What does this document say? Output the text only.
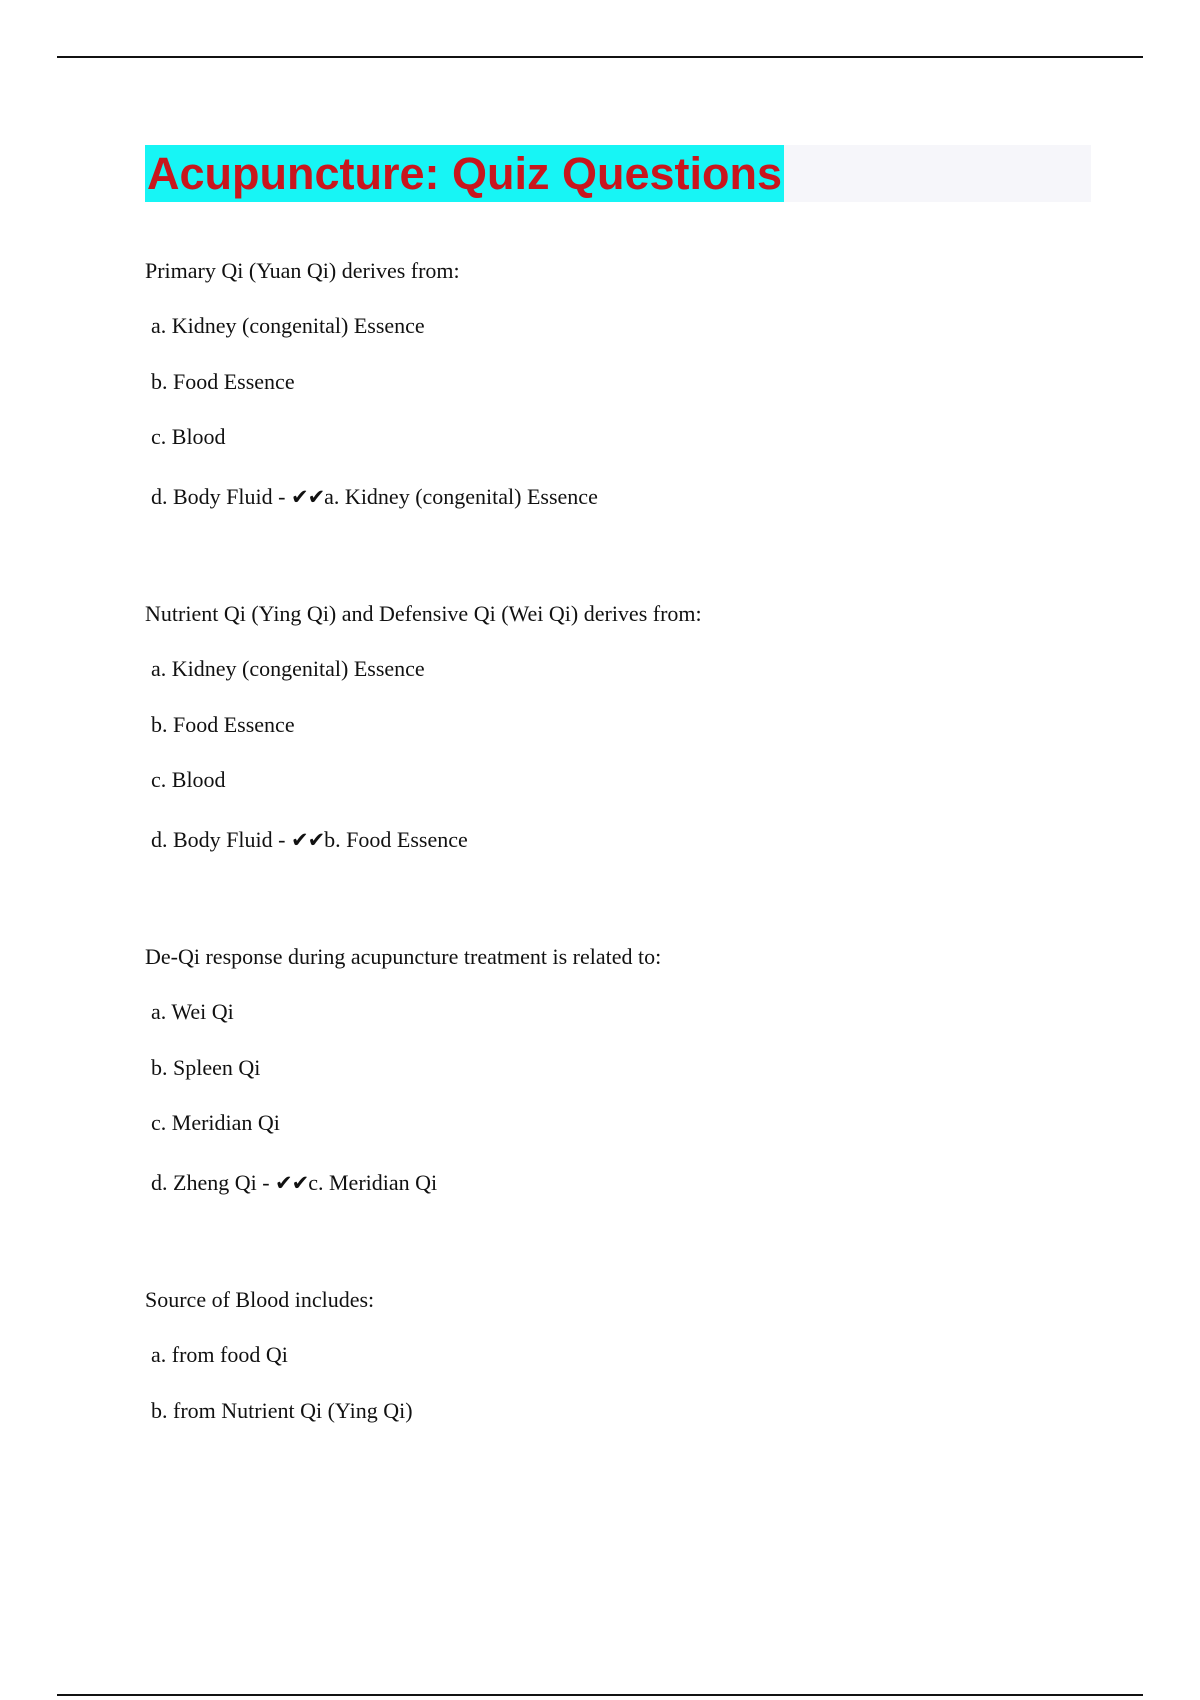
Acupuncture: Quiz Questions
Primary Qi (Yuan Qi) derives from:
a. Kidney (congenital) Essence
b. Food Essence
c. Blood
d. Body Fluid - ✔✔a. Kidney (congenital) Essence
Nutrient Qi (Ying Qi) and Defensive Qi (Wei Qi) derives from:
a. Kidney (congenital) Essence
b. Food Essence
c. Blood
d. Body Fluid - ✔✔b. Food Essence
De-Qi response during acupuncture treatment is related to:
a. Wei Qi
b. Spleen Qi
c. Meridian Qi
d. Zheng Qi - ✔✔c. Meridian Qi
Source of Blood includes:
a. from food Qi
b. from Nutrient Qi (Ying Qi)
